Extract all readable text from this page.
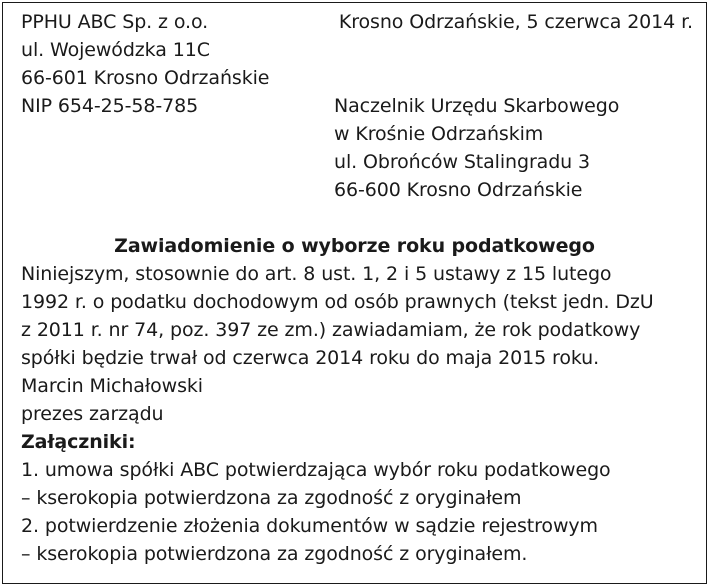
PPHU ABC Sp. z o.o.
ul. Wojewódzka 11C
66-601 Krosno Odrzańskie
NIP 654-25-58-785
Krosno Odrzańskie, 5 czerwca 2014 r.
Naczelnik Urzędu Skarbowego
w Krośnie Odrzańskim
ul. Obrońców Stalingradu 3
66-600 Krosno Odrzańskie
Zawiadomienie o wyborze roku podatkowego
Niniejszym, stosownie do art. 8 ust. 1, 2 i 5 ustawy z 15 lutego
1992 r. o podatku dochodowym od osób prawnych (tekst jedn. DzU
z 2011 r. nr 74, poz. 397 ze zm.) zawiadamiam, że rok podatkowy
spółki będzie trwał od czerwca 2014 roku do maja 2015 roku.
Marcin Michałowski
prezes zarządu
Załączniki:
1. umowa spółki ABC potwierdzająca wybór roku podatkowego
– kserokopia potwierdzona za zgodność z oryginałem
2. potwierdzenie złożenia dokumentów w sądzie rejestrowym
– kserokopia potwierdzona za zgodność z oryginałem.
